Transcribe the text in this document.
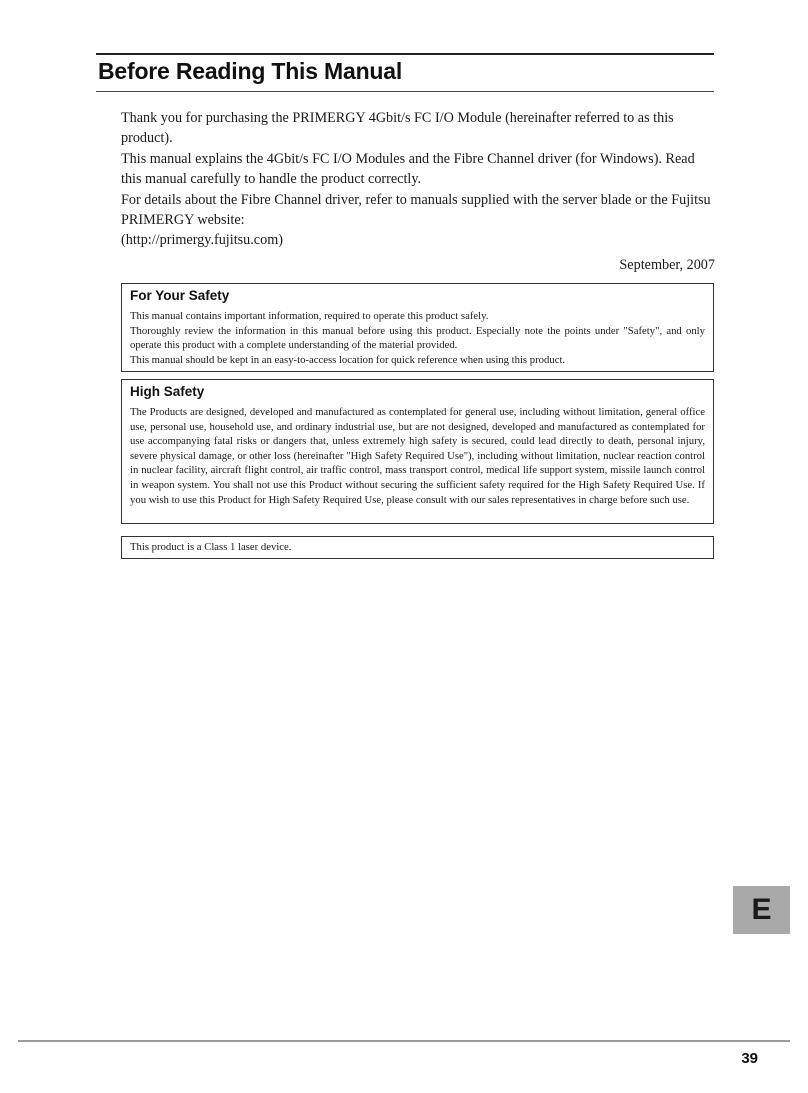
Before Reading This Manual

Thank you for purchasing the PRIMERGY 4Gbit/s FC I/O Module (hereinafter referred to as this product).

This manual explains the 4Gbit/s FC I/O Modules and the Fibre Channel driver (for Windows). Read this manual carefully to handle the product correctly.

For details about the Fibre Channel driver, refer to manuals supplied with the server blade or the Fujitsu PRIMERGY website:

(http://primergy.fujitsu.com)

September, 2007
For Your Safety

This manual contains important information, required to operate this product safely.

Thoroughly review the information in this manual before using this product. Especially note the points under "Safety", and only operate this product with a complete understanding of the material provided.

This manual should be kept in an easy-to-access location for quick reference when using this product.

High Safety

The Products are designed, developed and manufactured as contemplated for general use, including without limitation, general office use, personal use, household use, and ordinary industrial use, but are not designed, developed and manufactured as contemplated for use accompanying fatal risks or dangers that, unless extremely high safety is secured, could lead directly to death, personal injury, severe physical damage, or other loss (hereinafter "High Safety Required Use"), including without limitation, nuclear reaction control in nuclear facility, aircraft flight control, air traffic control, mass transport control, medical life support system, missile launch control in weapon system. You shall not use this Product without securing the sufficient safety required for the High Safety Required Use. If you wish to use this Product for High Safety Required Use, please consult with our sales representatives in charge before such use.

This product is a Class 1 laser device.

E
39
